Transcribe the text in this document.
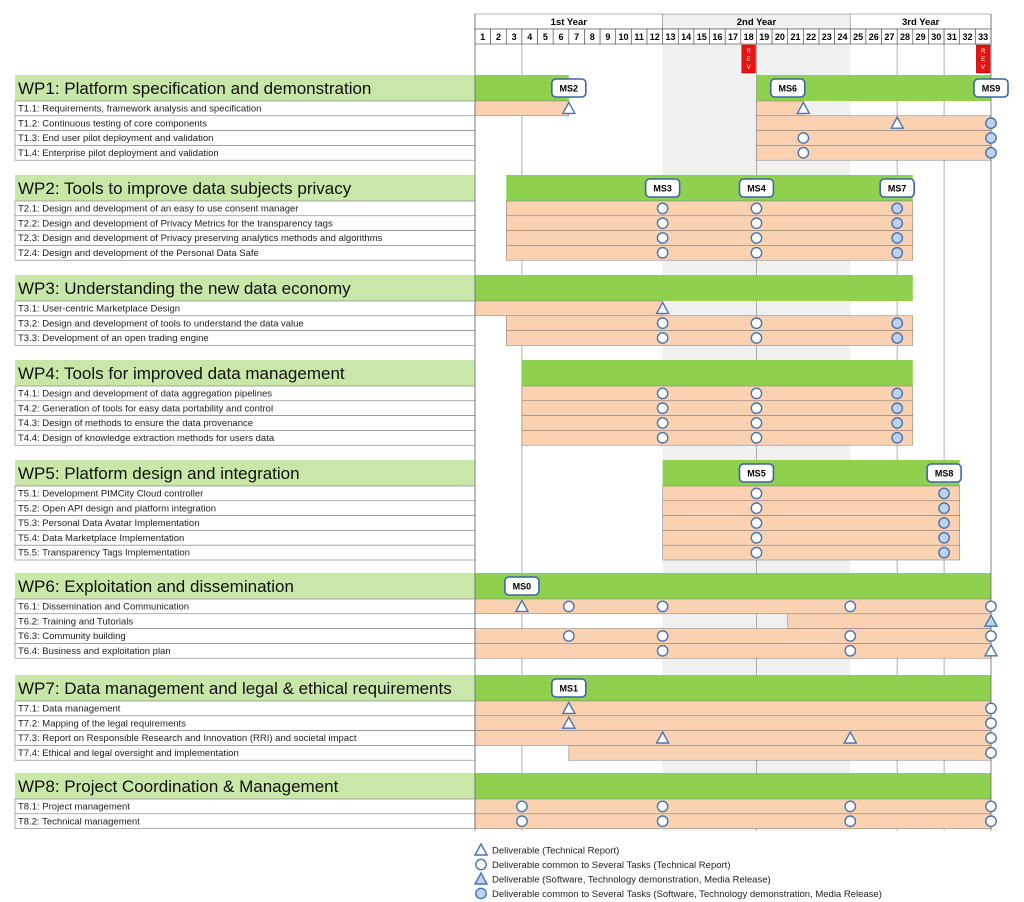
1st Year	2nd Year	3rd Year
1 2 3 4 5 6 7 8 9 10 11 12 13 14 15 16 17 18 19 20 21 22 23 24 25 26 27 28 29 30 31 32 33
R
E
V
R
E
V
WP1: Platform specification and demonstration
T1.1: Requirements, framework analysis and specification
T1.2: Continuous testing of core components
T1.3: End user pilot deployment and validation
T1.4: Enterprise pilot deployment and validation
WP2: Tools to improve data subjects privacy
T2.1: Design and development of an easy to use consent manager
T2.2: Design and development of Privacy Metrics for the transparency tags
T2.3: Design and development of Privacy preserving analytics methods and algorithms
T2.4: Design and development of the Personal Data Safe
WP3: Understanding the new data economy
T3.1: User-centric Marketplace Design
T3.2: Design and development of tools to understand the data value
T3.3: Development of an open trading engine
WP4: Tools for improved data management
T4.1: Design and development of data aggregation pipelines
T4.2: Generation of tools for easy data portability and control
T4.3: Design of methods to ensure the data provenance
T4.4: Design of knowledge extraction methods for users data
WP5: Platform design and integration
T5.1: Development PIMCity Cloud controller
T5.2: Open API design and platform integration
T5.3: Personal Data Avatar Implementation
T5.4: Data Marketplace Implementation
T5.5: Transparency Tags Implementation
WP6: Exploitation and dissemination
T6.1: Dissemination and Communication
T6.2: Training and Tutorials
T6.3: Community building
T6.4: Business and exploitation plan
WP7: Data management and legal & ethical requirements
T7.1: Data management
T7.2: Mapping of the legal requirements
T7.3: Report on Responsible Research and Innovation (RRI) and societal impact
T7.4: Ethical and legal oversight and implementation
WP8: Project Coordination & Management
T8.1: Project management
T8.2: Technical management
MS2	MS6	MS9
MS3	MS4	MS7
MS5	MS8
MS0
MS1
Deliverable (Technical Report)
Deliverable common to Several Tasks (Technical Report)
Deliverable (Software, Technology demonstration, Media Release)
Deliverable common to Several Tasks (Software, Technology demonstration, Media Release)
